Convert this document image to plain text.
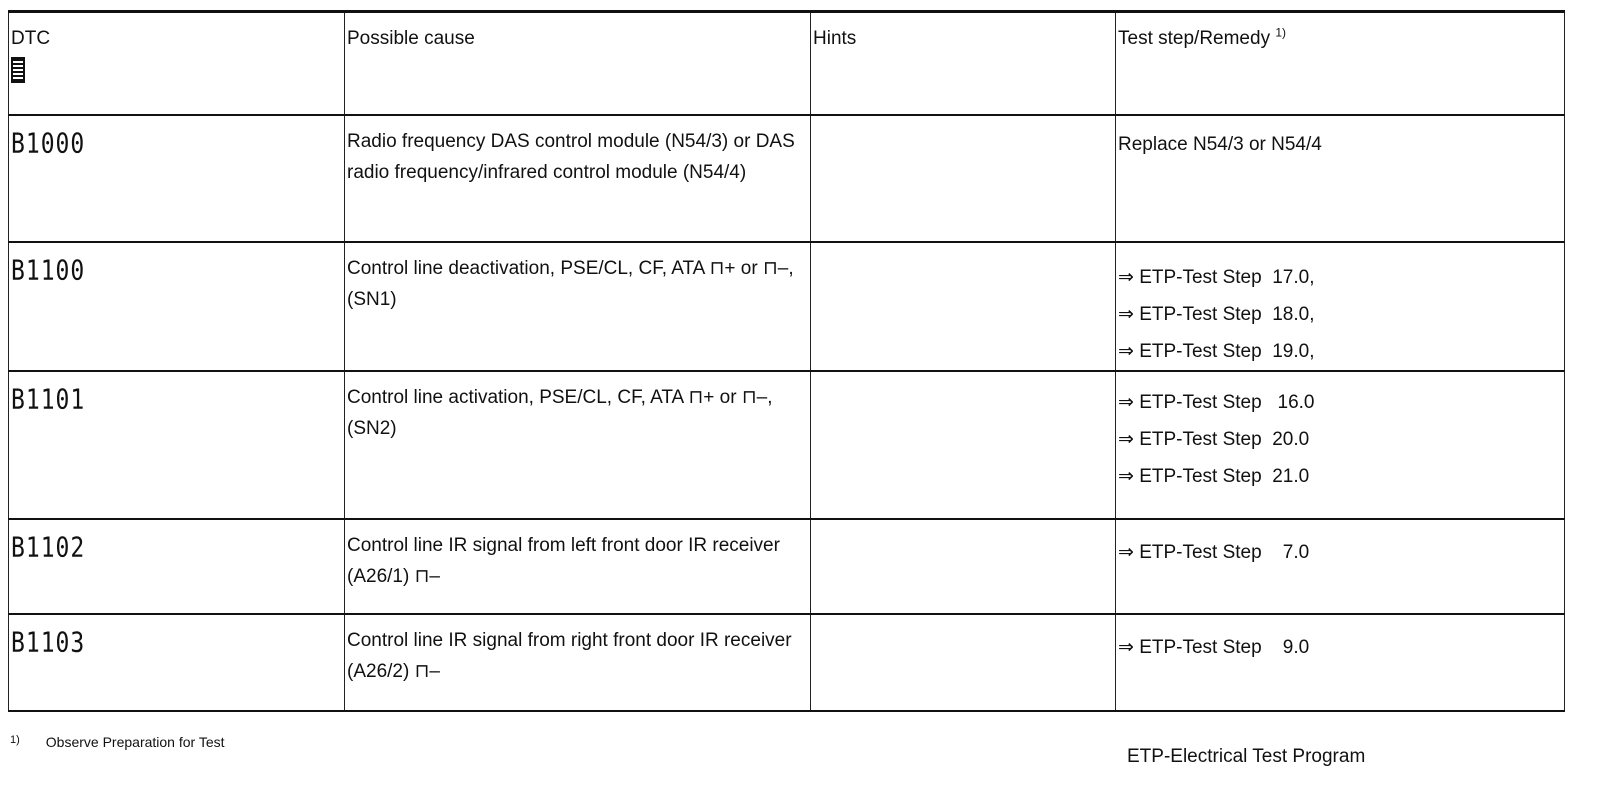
DTC	Possible cause	Hints	Test step/Remedy $^{1)}$
B1000	Radio frequency DAS control module (N54/3) or DAS radio frequency/infrared control module (N54/4)		Replace N54/3 or N54/4

B1100	Control line deactivation, PSE/CL, CF, ATA ⊓+ or ⊓–, (SN1)		⇒ ETP-Test Step  17.0,
⇒ ETP-Test Step  18.0,
⇒ ETP-Test Step  19.0,

B1101	Control line activation, PSE/CL, CF, ATA ⊓+ or ⊓–, (SN2)		⇒ ETP-Test Step   16.0
⇒ ETP-Test Step  20.0
⇒ ETP-Test Step  21.0

B1102	Control line IR signal from left front door IR receiver (A26/1) ⊓–		⇒ ETP-Test Step    7.0

B1103	Control line IR signal from right front door IR receiver (A26/2) ⊓–		⇒ ETP-Test Step    9.0
$^{1)}$ Observe Preparation for Test
ETP-Electrical Test Program
